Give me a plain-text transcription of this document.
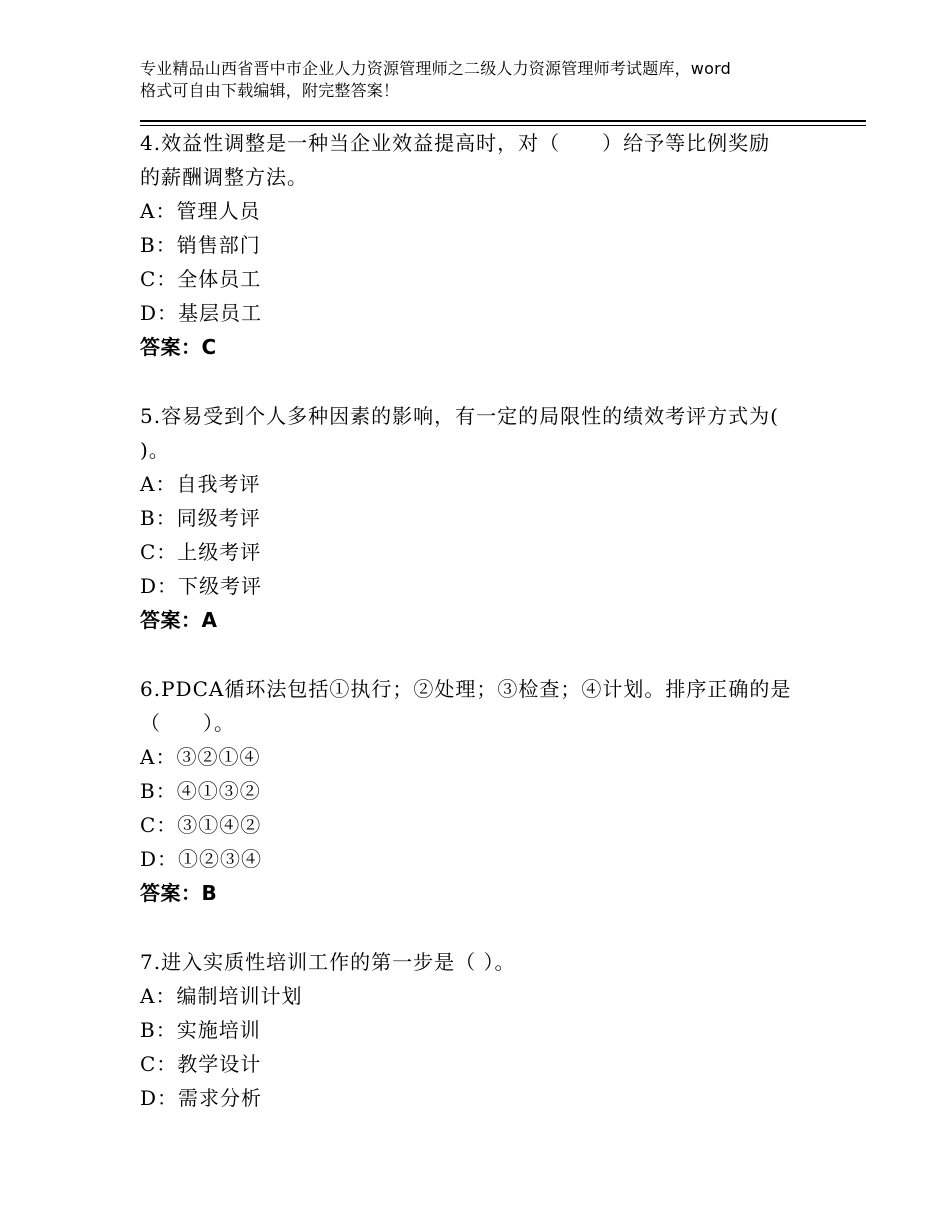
专业精品山西省晋中市企业人力资源管理师之二级人力资源管理师考试题库，word
格式可自由下载编辑，附完整答案！
4.效益性调整是一种当企业效益提高时，对（　　）给予等比例奖励
的薪酬调整方法。
A：管理人员
B：销售部门
C：全体员工
D：基层员工
答案：C
5.容易受到个人多种因素的影响，有一定的局限性的绩效考评方式为(
)。
A：自我考评
B：同级考评
C：上级考评
D：下级考评
答案：A
6.PDCA循环法包括①执行；②处理；③检查；④计划。排序正确的是
（　　）。
A：③②①④
B：④①③②
C：③①④②
D：①②③④
答案：B
7.进入实质性培训工作的第一步是（ ）。
A：编制培训计划
B：实施培训
C：教学设计
D：需求分析
